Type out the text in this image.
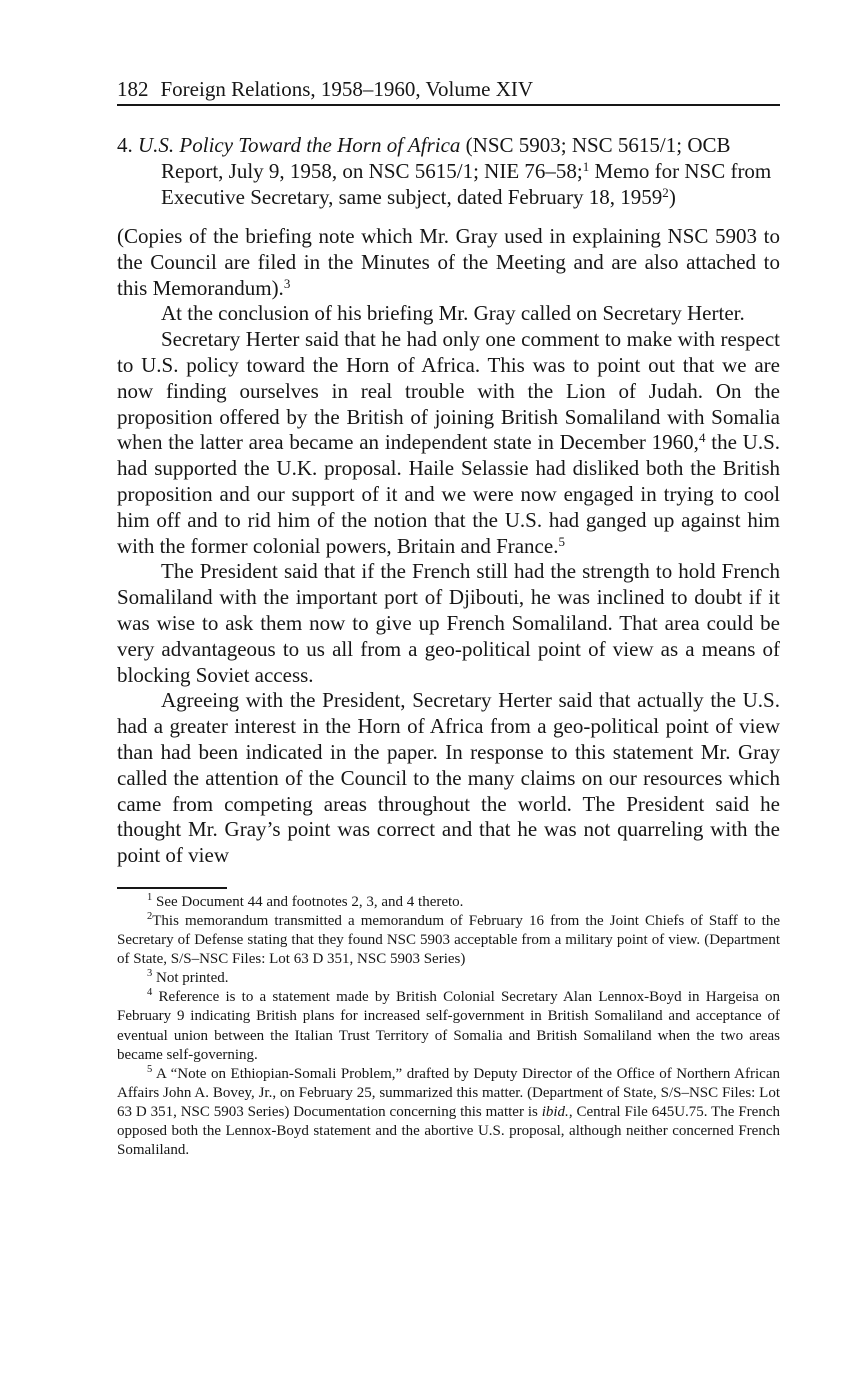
182 Foreign Relations, 1958–1960, Volume XIV
4. U.S. Policy Toward the Horn of Africa (NSC 5903; NSC 5615/1; OCB Report, July 9, 1958, on NSC 5615/1; NIE 76–58;$^1$ Memo for NSC from Executive Secretary, same subject, dated February 18, 1959$^2$)

(Copies of the briefing note which Mr. Gray used in explaining NSC 5903 to the Council are filed in the Minutes of the Meeting and are also attached to this Memorandum).$^3$

At the conclusion of his briefing Mr. Gray called on Secretary Herter.

Secretary Herter said that he had only one comment to make with respect to U.S. policy toward the Horn of Africa. This was to point out that we are now finding ourselves in real trouble with the Lion of Judah. On the proposition offered by the British of joining British Somaliland with Somalia when the latter area became an independent state in December 1960,$^4$ the U.S. had supported the U.K. proposal. Haile Selassie had disliked both the British proposition and our support of it and we were now engaged in trying to cool him off and to rid him of the notion that the U.S. had ganged up against him with the former colonial powers, Britain and France.$^5$

The President said that if the French still had the strength to hold French Somaliland with the important port of Djibouti, he was inclined to doubt if it was wise to ask them now to give up French Somaliland. That area could be very advantageous to us all from a geo-political point of view as a means of blocking Soviet access.

Agreeing with the President, Secretary Herter said that actually the U.S. had a greater interest in the Horn of Africa from a geo-political point of view than had been indicated in the paper. In response to this statement Mr. Gray called the attention of the Council to the many claims on our resources which came from competing areas throughout the world. The President said he thought Mr. Gray’s point was correct and that he was not quarreling with the point of view

$^1$ See Document 44 and footnotes 2, 3, and 4 thereto.

$^2$This memorandum transmitted a memorandum of February 16 from the Joint Chiefs of Staff to the Secretary of Defense stating that they found NSC 5903 acceptable from a military point of view. (Department of State, S/S–NSC Files: Lot 63 D 351, NSC 5903 Series)

$^3$ Not printed.

$^4$ Reference is to a statement made by British Colonial Secretary Alan Lennox-Boyd in Hargeisa on February 9 indicating British plans for increased self-government in British Somaliland and acceptance of eventual union between the Italian Trust Territory of Somalia and British Somaliland when the two areas became self-governing.

$^5$ A “Note on Ethiopian-Somali Problem,” drafted by Deputy Director of the Office of Northern African Affairs John A. Bovey, Jr., on February 25, summarized this matter. (Department of State, S/S–NSC Files: Lot 63 D 351, NSC 5903 Series) Documentation concerning this matter is ibid., Central File 645U.75. The French opposed both the Lennox-Boyd statement and the abortive U.S. proposal, although neither concerned French Somaliland.
